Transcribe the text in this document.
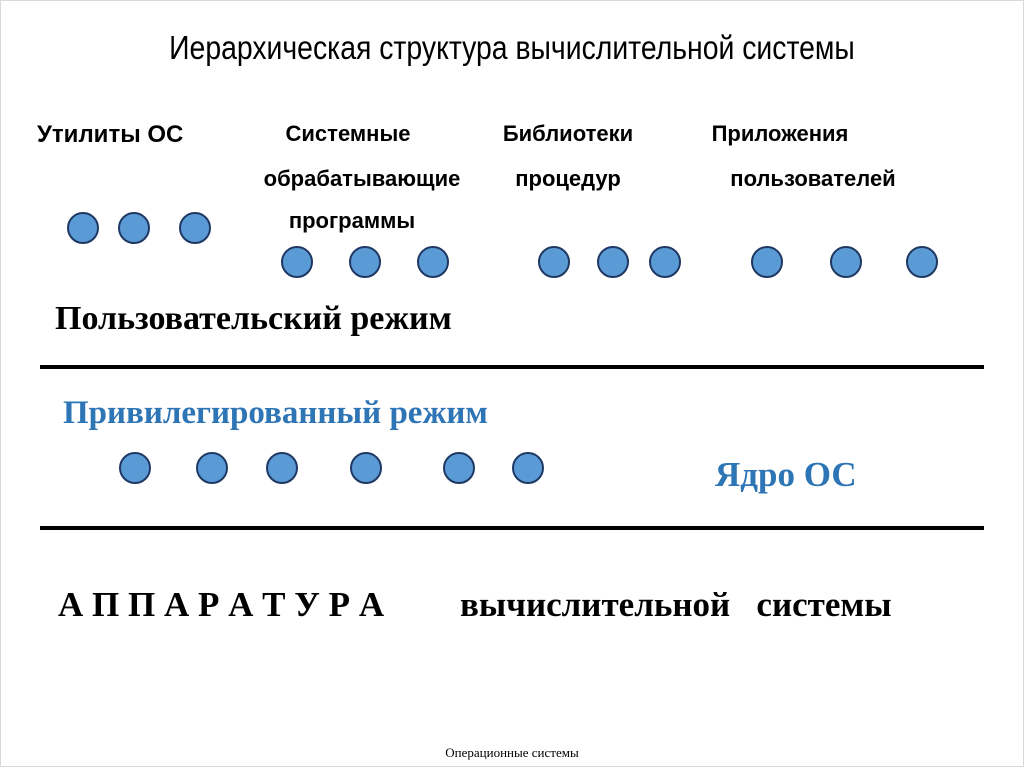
Иерархическая структура вычислительной системы
Утилиты ОС	Системные
обрабатывающие
программы
Библиотеки
процедур
Приложения
пользователей
Пользовательский режим
Привилегированный режим
Ядро ОС
А П П А Р А Т У Р А вычислительной   системы
Операционные системы
